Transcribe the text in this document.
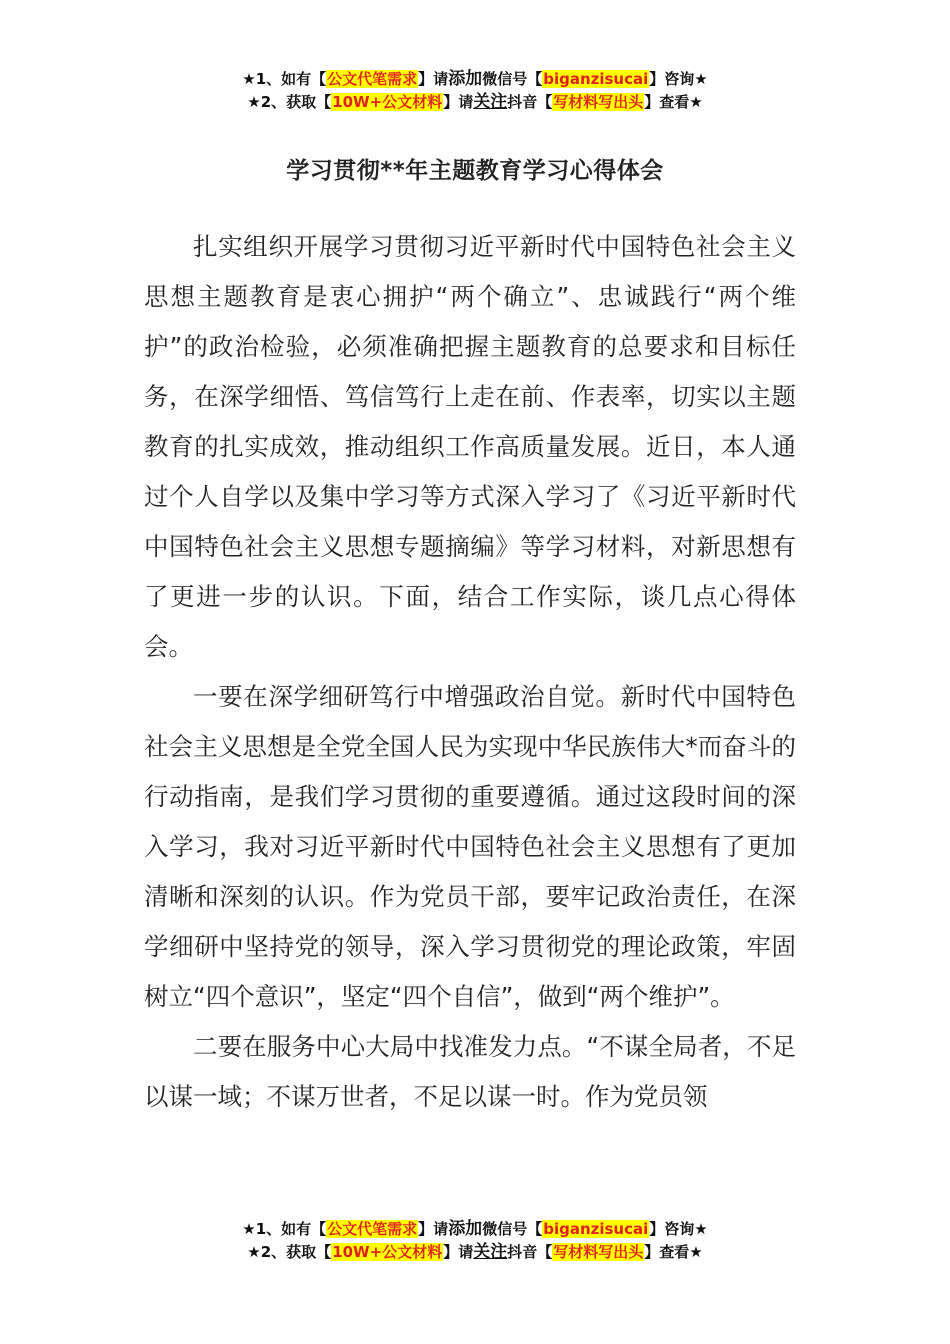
★1、如有【公文代笔需求】请添加微信号【biganzisucai】咨询★
★2、获取【10W+公文材料】请关注抖音【写材料写出头】查看★
学习贯彻**年主题教育学习心得体会

扎实组织开展学习贯彻习近平新时代中国特色社会主义思想主题教育是衷心拥护“两个确立”、忠诚践行“两个维护”的政治检验，必须准确把握主题教育的总要求和目标任务，在深学细悟、笃信笃行上走在前、作表率，切实以主题教育的扎实成效，推动组织工作高质量发展。近日，本人通过个人自学以及集中学习等方式深入学习了《习近平新时代中国特色社会主义思想专题摘编》等学习材料，对新思想有了更进一步的认识。下面，结合工作实际，谈几点心得体会。

一要在深学细研笃行中增强政治自觉。新时代中国特色社会主义思想是全党全国人民为实现中华民族伟大*而奋斗的行动指南，是我们学习贯彻的重要遵循。通过这段时间的深入学习，我对习近平新时代中国特色社会主义思想有了更加清晰和深刻的认识。作为党员干部，要牢记政治责任，在深学细研中坚持党的领导，深入学习贯彻党的理论政策，牢固树立“四个意识”，坚定“四个自信”，做到“两个维护”。

二要在服务中心大局中找准发力点。“不谋全局者，不足以谋一域；不谋万世者，不足以谋一时。作为党员领

★1、如有【公文代笔需求】请添加微信号【biganzisucai】咨询★
★2、获取【10W+公文材料】请关注抖音【写材料写出头】查看★
